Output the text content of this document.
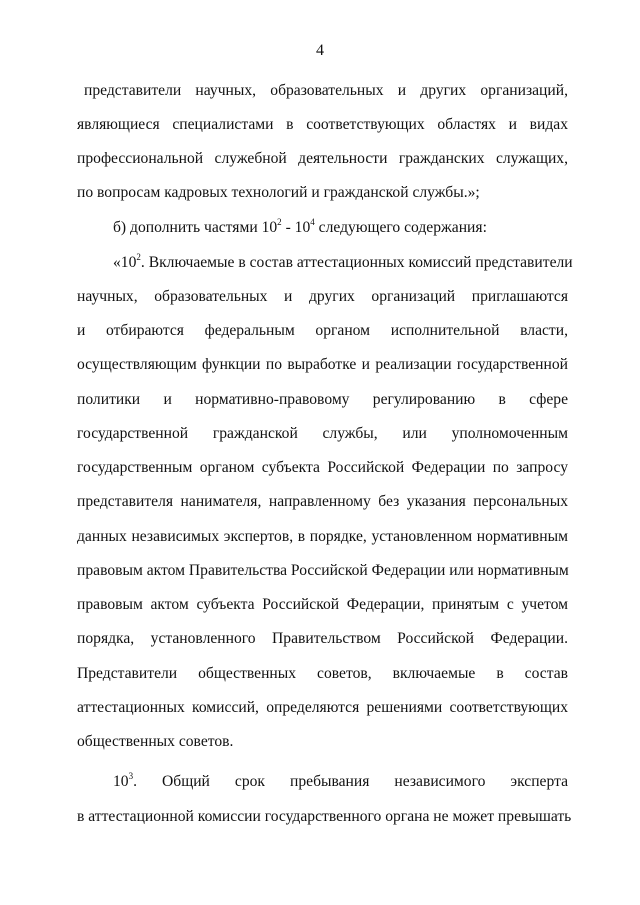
4
представители научных, образовательных и других организаций,
являющиеся специалистами в соответствующих областях и видах
профессиональной служебной деятельности гражданских служащих,
по вопросам кадровых технологий и гражданской службы.»;
б) дополнить частями $10^2 - 10^4$ следующего содержания:
«$10^2$. Включаемые в состав аттестационных комиссий представители
научных, образовательных и других организаций приглашаются
и отбираются федеральным органом исполнительной власти,
осуществляющим функции по выработке и реализации государственной
политики и нормативно-правовому регулированию в сфере
государственной гражданской службы, или уполномоченным
государственным органом субъекта Российской Федерации по запросу
представителя нанимателя, направленному без указания персональных
данных независимых экспертов, в порядке, установленном нормативным
правовым актом Правительства Российской Федерации или нормативным
правовым актом субъекта Российской Федерации, принятым с учетом
порядка, установленного Правительством Российской Федерации.
Представители общественных советов, включаемые в состав
аттестационных комиссий, определяются решениями соответствующих
общественных советов.
$10^3$. Общий срок пребывания независимого эксперта
в аттестационной комиссии государственного органа не может превышать
